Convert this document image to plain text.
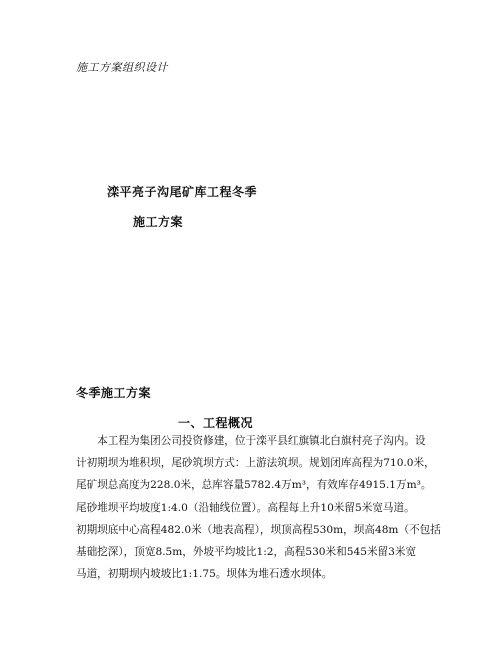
施工方案组织设计
滦平亮子沟尾矿库工程冬季
施工方案
冬季施工方案
一、工程概况
　　本工程为集团公司投资修建，位于滦平县红旗镇北白旗村亮子沟内。设
计初期坝为堆积坝，尾砂筑坝方式：上游法筑坝。规划闭库高程为710.0米，
尾矿坝总高度为228.0米，总库容量5782.4万m³，有效库存4915.1万m³。
尾砂堆坝平均坡度1:4.0（沿轴线位置）。高程每上升10米留5米宽马道。
初期坝底中心高程482.0米（地表高程），坝顶高程530m，坝高48m（不包括
基础挖深），顶宽8.5m，外坡平均坡比1:2，高程530米和545米留3米宽
马道，初期坝内坡坡比1:1.75。坝体为堆石透水坝体。
